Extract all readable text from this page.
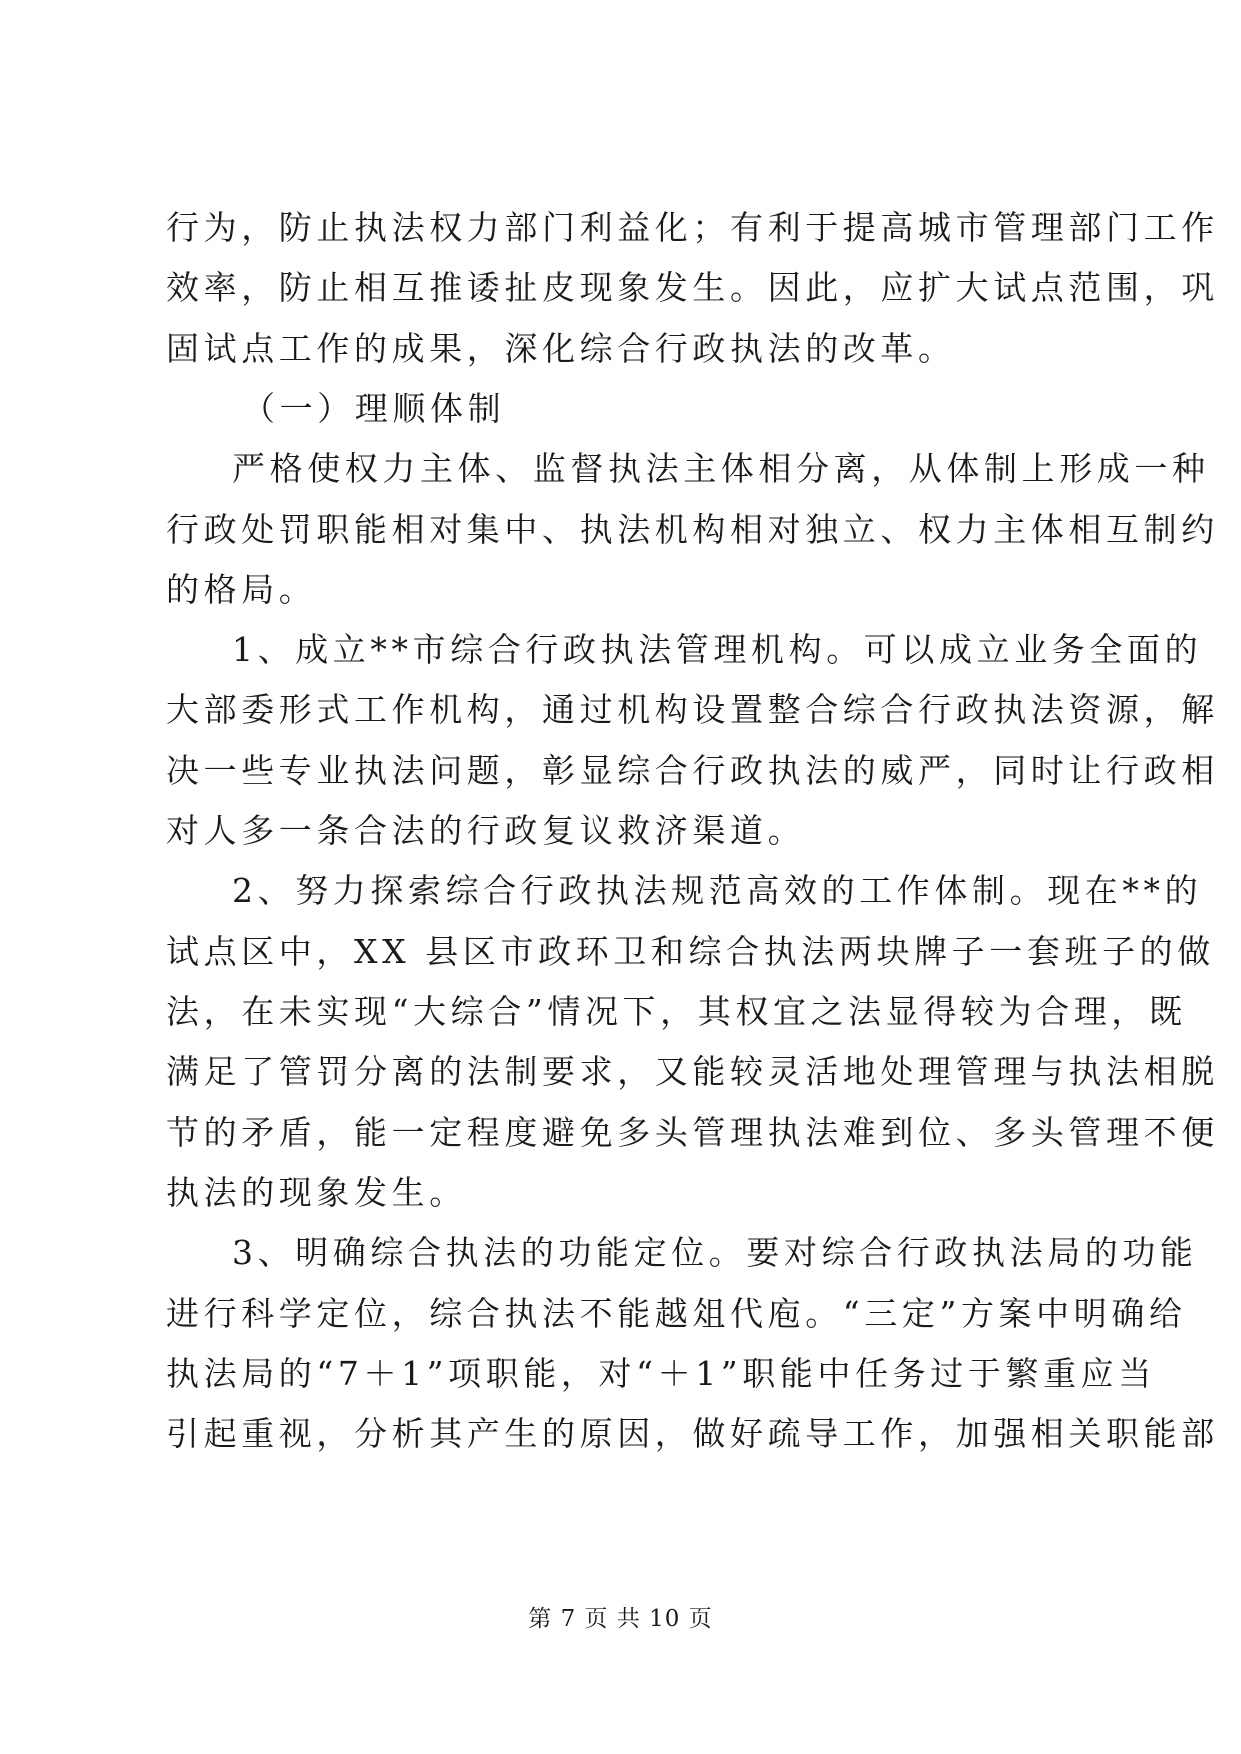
行为，防止执法权力部门利益化；有利于提高城市管理部门工作
效率，防止相互推诿扯皮现象发生。因此，应扩大试点范围，巩
固试点工作的成果，深化综合行政执法的改革。
（一）理顺体制
严格使权力主体、监督执法主体相分离，从体制上形成一种
行政处罚职能相对集中、执法机构相对独立、权力主体相互制约
的格局。
1、成立**市综合行政执法管理机构。可以成立业务全面的
大部委形式工作机构，通过机构设置整合综合行政执法资源，解
决一些专业执法问题，彰显综合行政执法的威严，同时让行政相
对人多一条合法的行政复议救济渠道。
2、努力探索综合行政执法规范高效的工作体制。现在**的
试点区中，XX 县区市政环卫和综合执法两块牌子一套班子的做
法，在未实现“大综合”情况下，其权宜之法显得较为合理，既
满足了管罚分离的法制要求，又能较灵活地处理管理与执法相脱
节的矛盾，能一定程度避免多头管理执法难到位、多头管理不便
执法的现象发生。
3、明确综合执法的功能定位。要对综合行政执法局的功能
进行科学定位，综合执法不能越俎代庖。“三定”方案中明确给
执法局的“7＋1”项职能，对“＋1”职能中任务过于繁重应当
引起重视，分析其产生的原因，做好疏导工作，加强相关职能部
第 7 页 共 10 页
